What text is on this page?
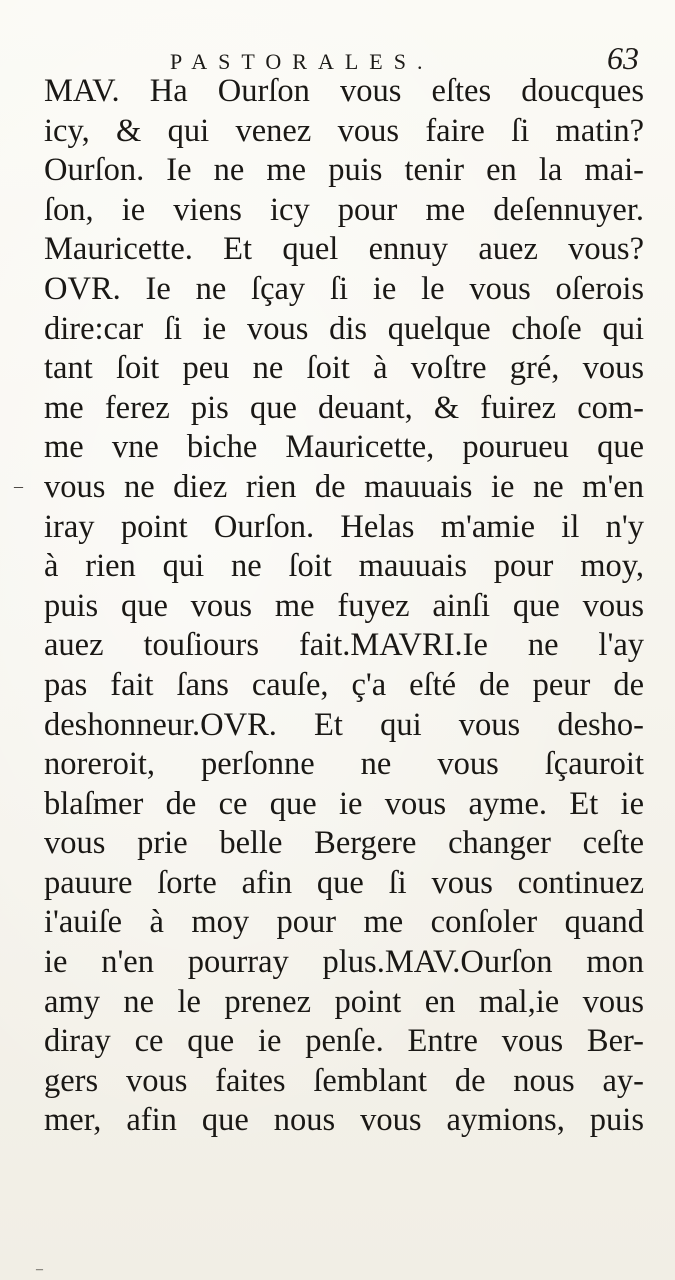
PASTORALES.	63
MAV. Ha Ourſon vous eſtes doucques
icy, & qui venez vous faire ſi matin?
Ourſon. Ie ne me puis tenir en la mai-
ſon, ie viens icy pour me deſennuyer.
Mauricette. Et quel ennuy auez vous?
OVR. Ie ne ſçay ſi ie le vous oſerois
dire:car ſi ie vous dis quelque choſe qui
tant ſoit peu ne ſoit à voſtre gré, vous
me ferez pis que deuant, & fuirez com-
me vne biche Mauricette, pourueu que
vous ne diez rien de mauuais ie ne m'en
iray point Ourſon. Helas m'amie il n'y
à rien qui ne ſoit mauuais pour moy,
puis que vous me fuyez ainſi que vous
auez touſiours fait.MAVRI.Ie ne l'ay
pas fait ſans cauſe, ç'a eſté de peur de
deshonneur.OVR. Et qui vous desho-
noreroit, perſonne ne vous ſçauroit
blaſmer de ce que ie vous ayme. Et ie
vous prie belle Bergere changer ceſte
pauure ſorte afin que ſi vous continuez
i'auiſe à moy pour me conſoler quand
ie n'en pourray plus.MAV.Ourſon mon
amy ne le prenez point en mal,ie vous
diray ce que ie penſe. Entre vous Ber-
gers vous faites ſemblant de nous ay-
mer, afin que nous vous aymions, puis
–
–
